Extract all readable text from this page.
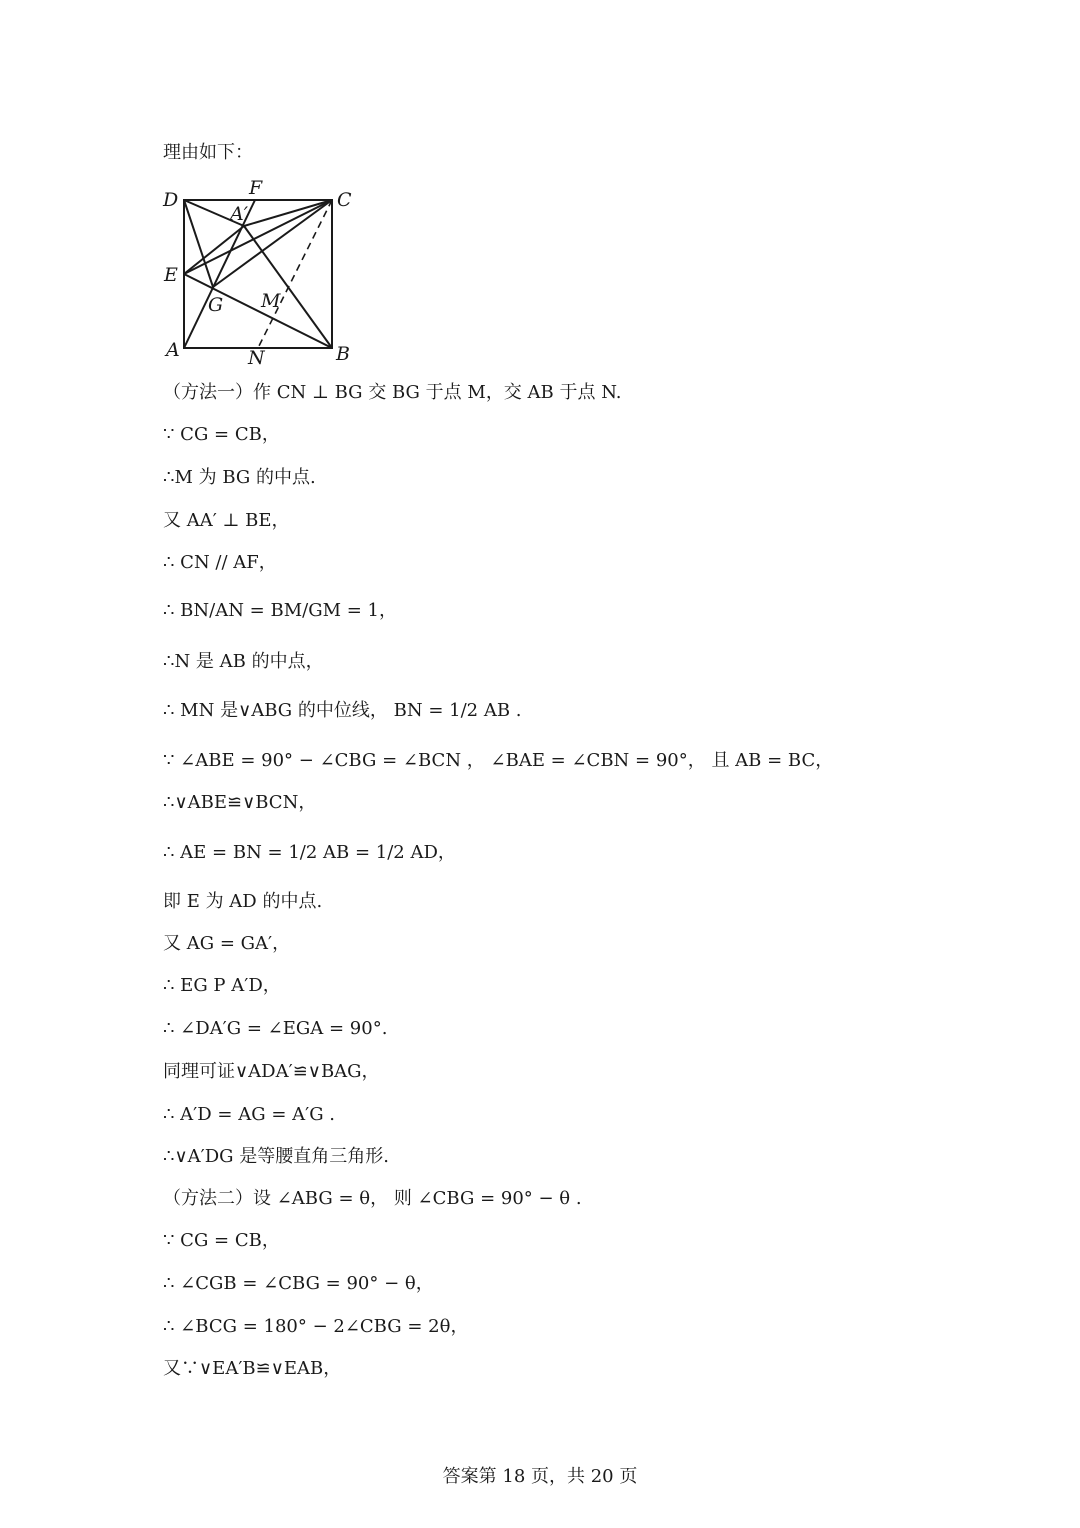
理由如下：
D
F
C
A′
E
G M
A	N	B
（方法一）作 CN ⊥ BG 交 BG 于点 M，交 AB 于点 N.
∵ CG = CB，
∴M 为 BG 的中点.
又 AA′ ⊥ BE，
∴ CN // AF，
∴ BN/AN = BM/GM = 1，
∴N 是 AB 的中点，
∴ MN 是∨ABG 的中位线， BN = 1/2 AB .
∵ ∠ABE = 90° − ∠CBG = ∠BCN ， ∠BAE = ∠CBN = 90°， 且 AB = BC，
∴∨ABE≌∨BCN，
∴ AE = BN = 1/2 AB = 1/2 AD，
即 E 为 AD 的中点.
又 AG = GA′，
∴ EG Ρ A′D，
∴ ∠DA′G = ∠EGA = 90°.
同理可证∨ADA′≌∨BAG，
∴ A′D = AG = A′G .
∴∨A′DG 是等腰直角三角形.
（方法二）设 ∠ABG = θ， 则 ∠CBG = 90° − θ .
∵ CG = CB，
∴ ∠CGB = ∠CBG = 90° − θ，
∴ ∠BCG = 180° − 2∠CBG = 2θ，
又∵∨EA′B≌∨EAB，
答案第 18 页，共 20 页
